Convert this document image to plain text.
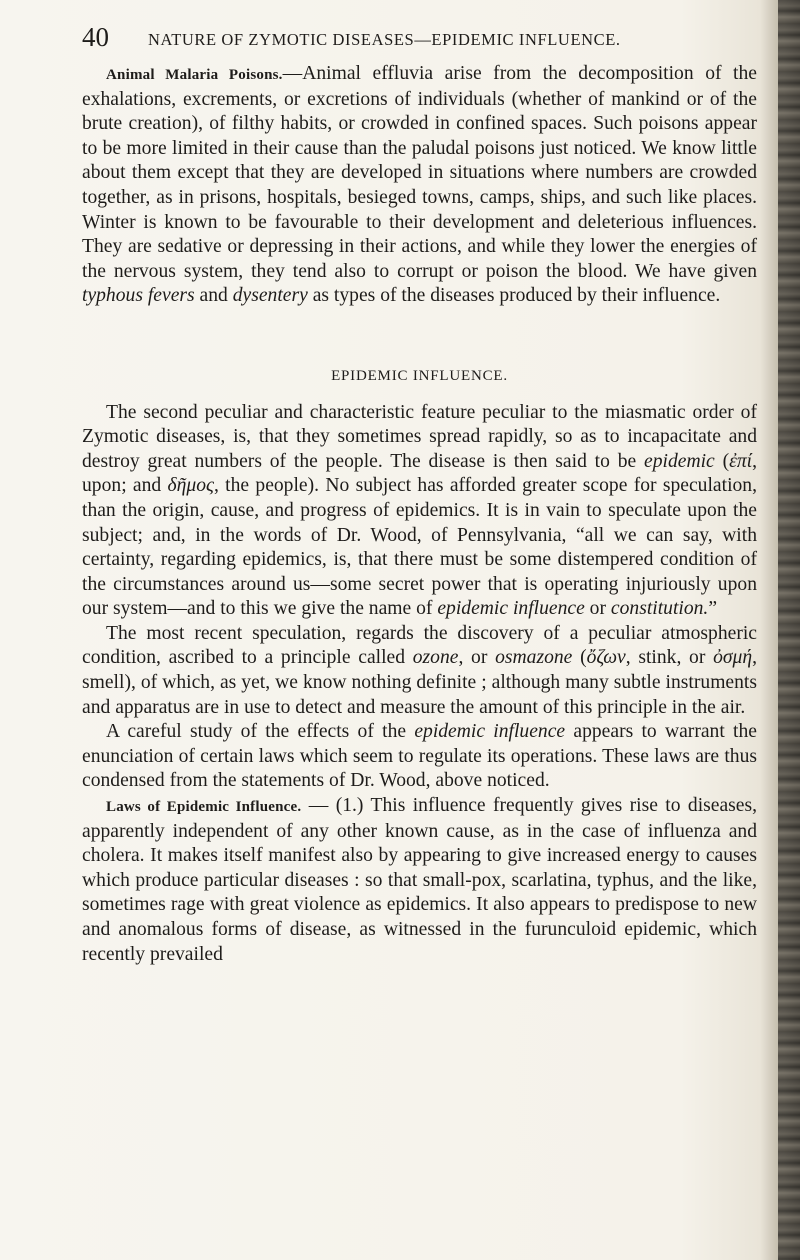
40 NATURE OF ZYMOTIC DISEASES—EPIDEMIC INFLUENCE.

Animal Malaria Poisons.—Animal effluvia arise from the decomposition of the exhalations, excrements, or excretions of individuals (whether of mankind or of the brute creation), of filthy habits, or crowded in confined spaces. Such poisons appear to be more limited in their cause than the paludal poisons just noticed. We know little about them except that they are developed in situations where numbers are crowded together, as in prisons, hospitals, besieged towns, camps, ships, and such like places. Winter is known to be favourable to their development and deleterious influences. They are sedative or depressing in their actions, and while they lower the energies of the nervous system, they tend also to corrupt or poison the blood. We have given typhous fevers and dysentery as types of the diseases produced by their influence.

EPIDEMIC INFLUENCE.

The second peculiar and characteristic feature peculiar to the miasmatic order of Zymotic diseases, is, that they sometimes spread rapidly, so as to incapacitate and destroy great numbers of the people. The disease is then said to be epidemic (ἐπί, upon; and δῆμος, the people). No subject has afforded greater scope for speculation, than the origin, cause, and progress of epidemics. It is in vain to speculate upon the subject; and, in the words of Dr. Wood, of Pennsylvania, “all we can say, with certainty, regarding epidemics, is, that there must be some distempered condition of the circumstances around us—some secret power that is operating injuriously upon our system—and to this we give the name of epidemic influence or constitution.”

The most recent speculation, regards the discovery of a peculiar atmospheric condition, ascribed to a principle called ozone, or osmazone (ὄζων, stink, or ὀσμή, smell), of which, as yet, we know nothing definite ; although many subtle instruments and apparatus are in use to detect and measure the amount of this principle in the air.

A careful study of the effects of the epidemic influence appears to warrant the enunciation of certain laws which seem to regulate its operations. These laws are thus condensed from the statements of Dr. Wood, above noticed.

Laws of Epidemic Influence. — (1.) This influence frequently gives rise to diseases, apparently independent of any other known cause, as in the case of influenza and cholera. It makes itself manifest also by appearing to give increased energy to causes which produce particular diseases : so that small-pox, scarlatina, typhus, and the like, sometimes rage with great violence as epidemics. It also appears to predispose to new and anomalous forms of disease, as witnessed in the furunculoid epidemic, which recently prevailed
